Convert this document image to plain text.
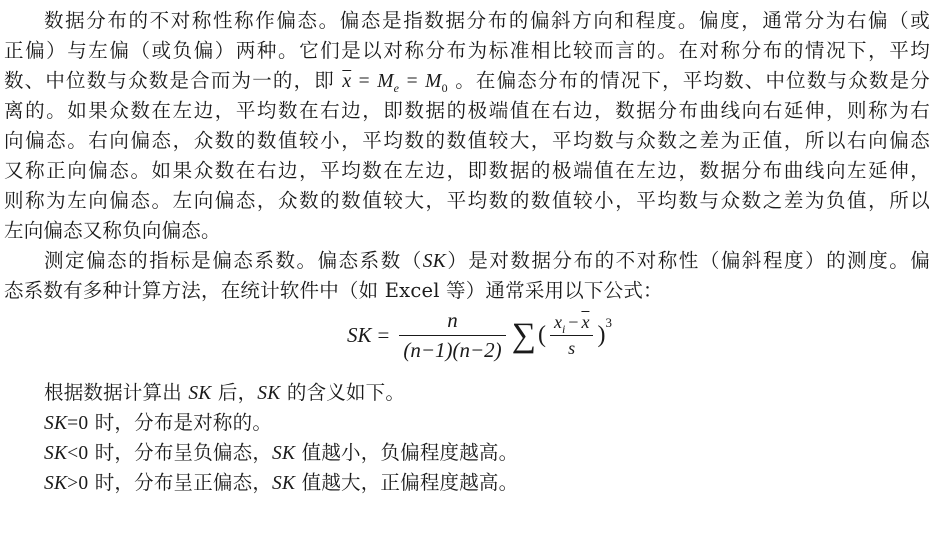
数据分布的不对称性称作偏态。偏态是指数据分布的偏斜方向和程度。偏度，通常分为右偏（或
正偏）与左偏（或负偏）两种。它们是以对称分布为标准相比较而言的。在对称分布的情况下，平均
数、中位数与众数是合而为一的，即 $\overline{x} = M_e = M_0$ 。在偏态分布的情况下，平均数、中位数与众数是分
离的。如果众数在左边，平均数在右边，即数据的极端值在右边，数据分布曲线向右延伸，则称为右
向偏态。右向偏态，众数的数值较小，平均数的数值较大，平均数与众数之差为正值，所以右向偏态
又称正向偏态。如果众数在右边，平均数在左边，即数据的极端值在左边，数据分布曲线向左延伸，
则称为左向偏态。左向偏态，众数的数值较大，平均数的数值较小，平均数与众数之差为负值，所以
左向偏态又称负向偏态。
测定偏态的指标是偏态系数。偏态系数（SK）是对数据分布的不对称性（偏斜程度）的测度。偏
态系数有多种计算方法，在统计软件中（如 Excel 等）通常采用以下公式：
SK = $\frac{n}{(n-1)(n-2)}$ ∑ ( $\frac{x_i - \overline{x}}{s}$ ) 3
根据数据计算出 SK 后，SK 的含义如下。
SK=0 时，分布是对称的。
SK<0 时，分布呈负偏态，SK 值越小，负偏程度越高。
SK>0 时，分布呈正偏态，SK 值越大，正偏程度越高。
